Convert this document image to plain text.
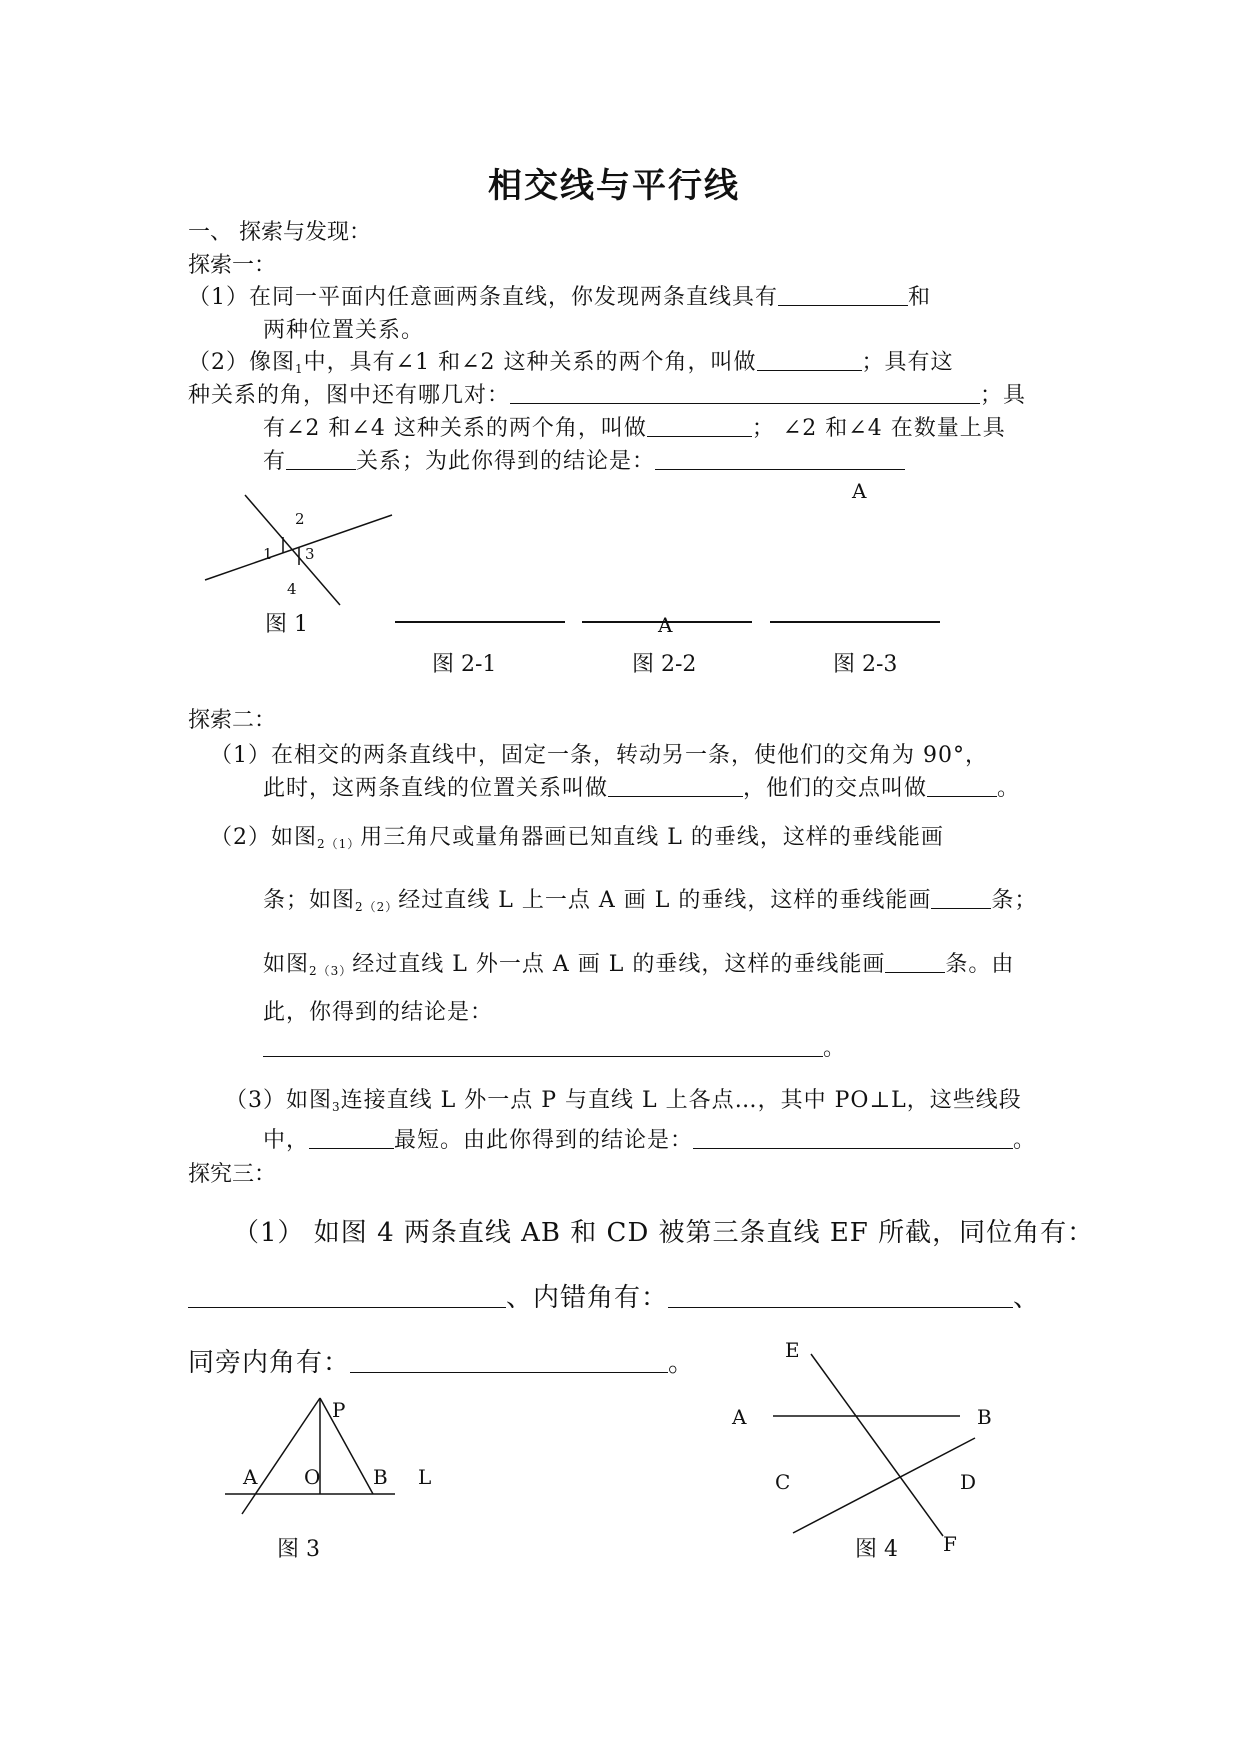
相交线与平行线
一、 探索与发现：
探索一：
（1）在同一平面内任意画两条直线，你发现两条直线具有	和
两种位置关系。
（2）像图$_1$中，具有∠1 和∠2 这种关系的两个角，叫做	；具有这
种关系的角，图中还有哪几对：	；具
有∠2 和∠4 这种关系的两个角，叫做	； ∠2 和∠4 在数量上具
有	关系；为此你得到的结论是：
2
1 3
4
图 1
A
A
图 2-1	图 2-2	图 2-3
探索二：
（1）在相交的两条直线中，固定一条，转动另一条，使他们的交角为 90°，
此时，这两条直线的位置关系叫做	，他们的交点叫做	。
（2）如图$_{2(1)}$用三角尺或量角器画已知直线 L 的垂线，这样的垂线能画
条；如图$_{2(2)}$经过直线 L 上一点 A 画 L 的垂线，这样的垂线能画	条；
如图$_{2(3)}$经过直线 L 外一点 A 画 L 的垂线，这样的垂线能画	条。由
此，你得到的结论是：
。
（3）如图$_3$连接直线 L 外一点 P 与直线 L 上各点…，其中 PO⊥L，这些线段
中，	最短。由此你得到的结论是：	。
探究三：
（1） 如图 4 两条直线 AB 和 CD 被第三条直线 EF 所截，同位角有：
、内错角有：	、
同旁内角有：	。
P
A O	B L
图 3
E
A	B
C	D
图 4 F
